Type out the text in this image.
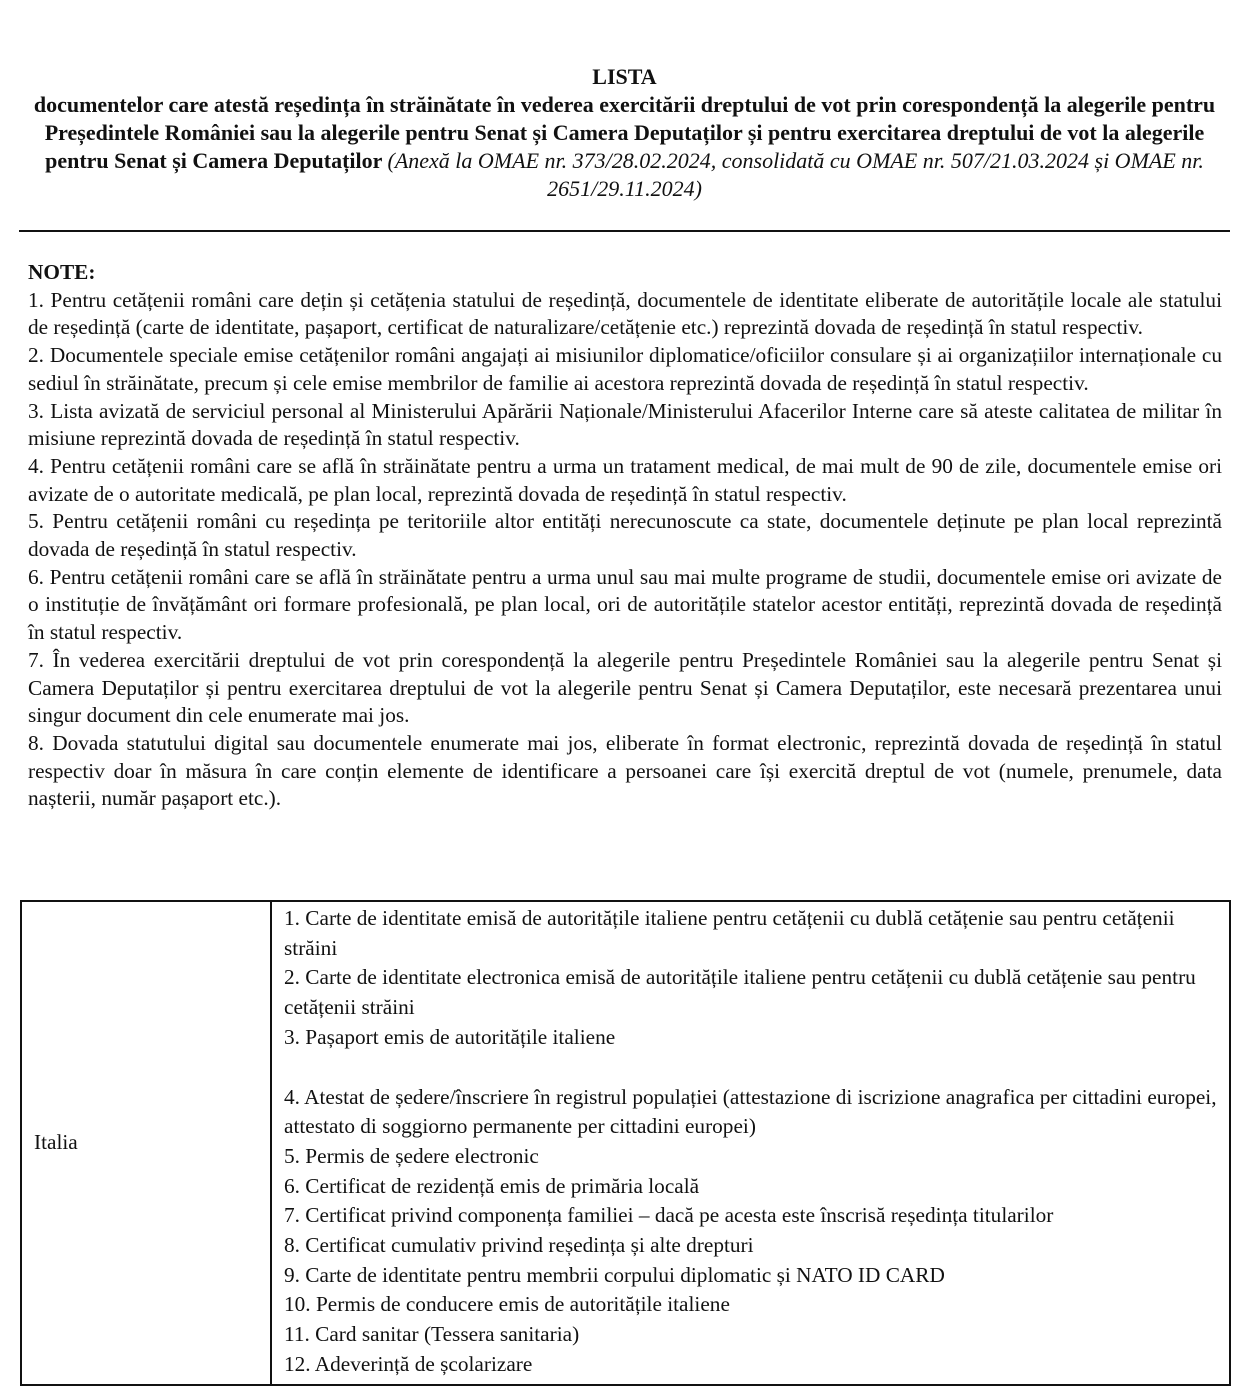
LISTA
documentelor care atestă reședința în străinătate în vederea exercitării dreptului de vot prin corespondență la alegerile pentru Președintele României sau la alegerile pentru Senat și Camera Deputaților și pentru exercitarea dreptului de vot la alegerile pentru Senat și Camera Deputaților (Anexă la OMAE nr. 373/28.02.2024, consolidată cu OMAE nr. 507/21.03.2024 și OMAE nr. 2651/29.11.2024)
NOTE:

1. Pentru cetățenii români care dețin și cetățenia statului de reședință, documentele de identitate eliberate de autoritățile locale ale statului de reședință (carte de identitate, pașaport, certificat de naturalizare/cetățenie etc.) reprezintă dovada de reședință în statul respectiv.

2. Documentele speciale emise cetățenilor români angajați ai misiunilor diplomatice/oficiilor consulare și ai organizațiilor internaționale cu sediul în străinătate, precum și cele emise membrilor de familie ai acestora reprezintă dovada de reședință în statul respectiv.

3. Lista avizată de serviciul personal al Ministerului Apărării Naționale/Ministerului Afacerilor Interne care să ateste calitatea de militar în misiune reprezintă dovada de reședință în statul respectiv.

4. Pentru cetățenii români care se află în străinătate pentru a urma un tratament medical, de mai mult de 90 de zile, documentele emise ori avizate de o autoritate medicală, pe plan local, reprezintă dovada de reședință în statul respectiv.

5. Pentru cetățenii români cu reședința pe teritoriile altor entități nerecunoscute ca state, documentele deținute pe plan local reprezintă dovada de reședință în statul respectiv.

6. Pentru cetățenii români care se află în străinătate pentru a urma unul sau mai multe programe de studii, documentele emise ori avizate de o instituție de învățământ ori formare profesională, pe plan local, ori de autoritățile statelor acestor entități, reprezintă dovada de reședință în statul respectiv.

7. În vederea exercitării dreptului de vot prin corespondență la alegerile pentru Președintele României sau la alegerile pentru Senat și Camera Deputaților și pentru exercitarea dreptului de vot la alegerile pentru Senat și Camera Deputaților, este necesară prezentarea unui singur document din cele enumerate mai jos.

8. Dovada statutului digital sau documentele enumerate mai jos, eliberate în format electronic, reprezintă dovada de reședință în statul respectiv doar în măsura în care conțin elemente de identificare a persoanei care își exercită dreptul de vot (numele, prenumele, data nașterii, număr pașaport etc.).

Italia	
1. Carte de identitate emisă de autoritățile italiene pentru cetățenii cu dublă cetățenie sau pentru cetățenii străini
2. Carte de identitate electronica emisă de autoritățile italiene pentru cetățenii cu dublă cetățenie sau pentru cetățenii străini
3. Pașaport emis de autoritățile italiene
4. Atestat de ședere/înscriere în registrul populației (attestazione di iscrizione anagrafica per cittadini europei, attestato di soggiorno permanente per cittadini europei)
5. Permis de ședere electronic
6. Certificat de rezidență emis de primăria locală
7. Certificat privind componența familiei – dacă pe acesta este înscrisă reședința titularilor
8. Certificat cumulativ privind reședința și alte drepturi
9. Carte de identitate pentru membrii corpului diplomatic și NATO ID CARD
10. Permis de conducere emis de autoritățile italiene
11. Card sanitar (Tessera sanitaria)
12. Adeverință de școlarizare
